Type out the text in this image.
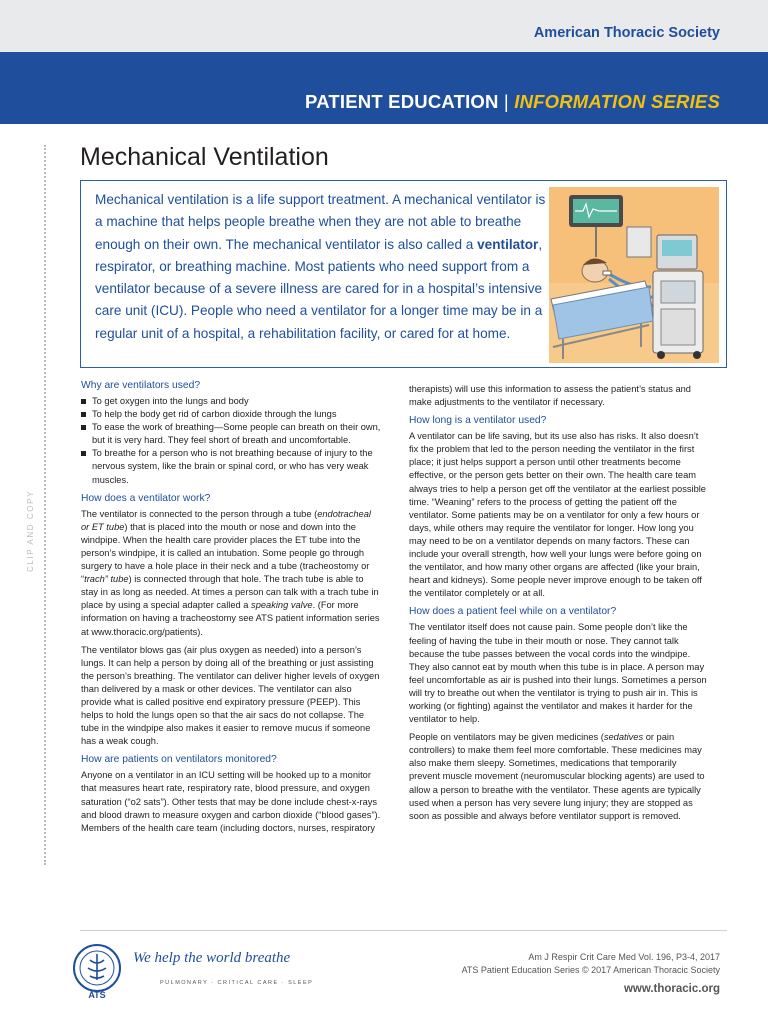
American Thoracic Society
PATIENT EDUCATION | INFORMATION SERIES
CLIP AND COPY
Mechanical Ventilation
Mechanical ventilation is a life support treatment. A mechanical ventilator is a machine that helps people breathe when they are not able to breathe enough on their own. The mechanical ventilator is also called a ventilator, respirator, or breathing machine. Most patients who need support from a ventilator because of a severe illness are cared for in a hospital’s intensive care unit (ICU). People who need a ventilator for a longer time may be in a regular unit of a hospital, a rehabilitation facility, or cared for at home.
Why are ventilators used?
To get oxygen into the lungs and body
To help the body get rid of carbon dioxide through the lungs
To ease the work of breathing—Some people can breath on their own, but it is very hard. They feel short of breath and uncomfortable.
To breathe for a person who is not breathing because of injury to the nervous system, like the brain or spinal cord, or who has very weak muscles.
How does a ventilator work?

The ventilator is connected to the person through a tube (endotracheal or ET tube) that is placed into the mouth or nose and down into the windpipe. When the health care provider places the ET tube into the person’s windpipe, it is called an intubation. Some people go through surgery to have a hole place in their neck and a tube (tracheostomy or “trach” tube) is connected through that hole. The trach tube is able to stay in as long as needed. At times a person can talk with a trach tube in place by using a special adapter called a speaking valve. (For more information on having a tracheostomy see ATS patient information series at www.thoracic.org/patients).

The ventilator blows gas (air plus oxygen as needed) into a person’s lungs. It can help a person by doing all of the breathing or just assisting the person’s breathing. The ventilator can deliver higher levels of oxygen than delivered by a mask or other devices. The ventilator can also provide what is called positive end expiratory pressure (PEEP). This helps to hold the lungs open so that the air sacs do not collapse. The tube in the windpipe also makes it easier to remove mucus if someone has a weak cough.

How are patients on ventilators monitored?

Anyone on a ventilator in an ICU setting will be hooked up to a monitor that measures heart rate, respiratory rate, blood pressure, and oxygen saturation (“o2 sats”). Other tests that may be done include chest-x-rays and blood drawn to measure oxygen and carbon dioxide (“blood gases”). Members of the health care team (including doctors, nurses, respiratory

therapists) will use this information to assess the patient’s status and make adjustments to the ventilator if necessary.

How long is a ventilator used?

A ventilator can be life saving, but its use also has risks. It also doesn’t fix the problem that led to the person needing the ventilator in the first place; it just helps support a person until other treatments become effective, or the person gets better on their own. The health care team always tries to help a person get off the ventilator at the earliest possible time. “Weaning” refers to the process of getting the patient off the ventilator. Some patients may be on a ventilator for only a few hours or days, while others may require the ventilator for longer. How long you may need to be on a ventilator depends on many factors. These can include your overall strength, how well your lungs were before going on the ventilator, and how many other organs are affected (like your brain, heart and kidneys). Some people never improve enough to be taken off the ventilator completely or at all.

How does a patient feel while on a ventilator?

The ventilator itself does not cause pain. Some people don’t like the feeling of having the tube in their mouth or nose. They cannot talk because the tube passes between the vocal cords into the windpipe. They also cannot eat by mouth when this tube is in place. A person may feel uncomfortable as air is pushed into their lungs. Sometimes a person will try to breathe out when the ventilator is trying to push air in. This is working (or fighting) against the ventilator and makes it harder for the ventilator to help.

People on ventilators may be given medicines (sedatives or pain controllers) to make them feel more comfortable. These medicines may also make them sleepy. Sometimes, medications that temporarily prevent muscle movement (neuromuscular blocking agents) are used to allow a person to breathe with the ventilator. These agents are typically used when a person has very severe lung injury; they are stopped as soon as possible and always before ventilator support is removed.

ATS
We help the world breathe
PULMONARY · CRITICAL CARE · SLEEP
Am J Respir Crit Care Med Vol. 196, P3-4, 2017
ATS Patient Education Series © 2017 American Thoracic Society
www.thoracic.org
